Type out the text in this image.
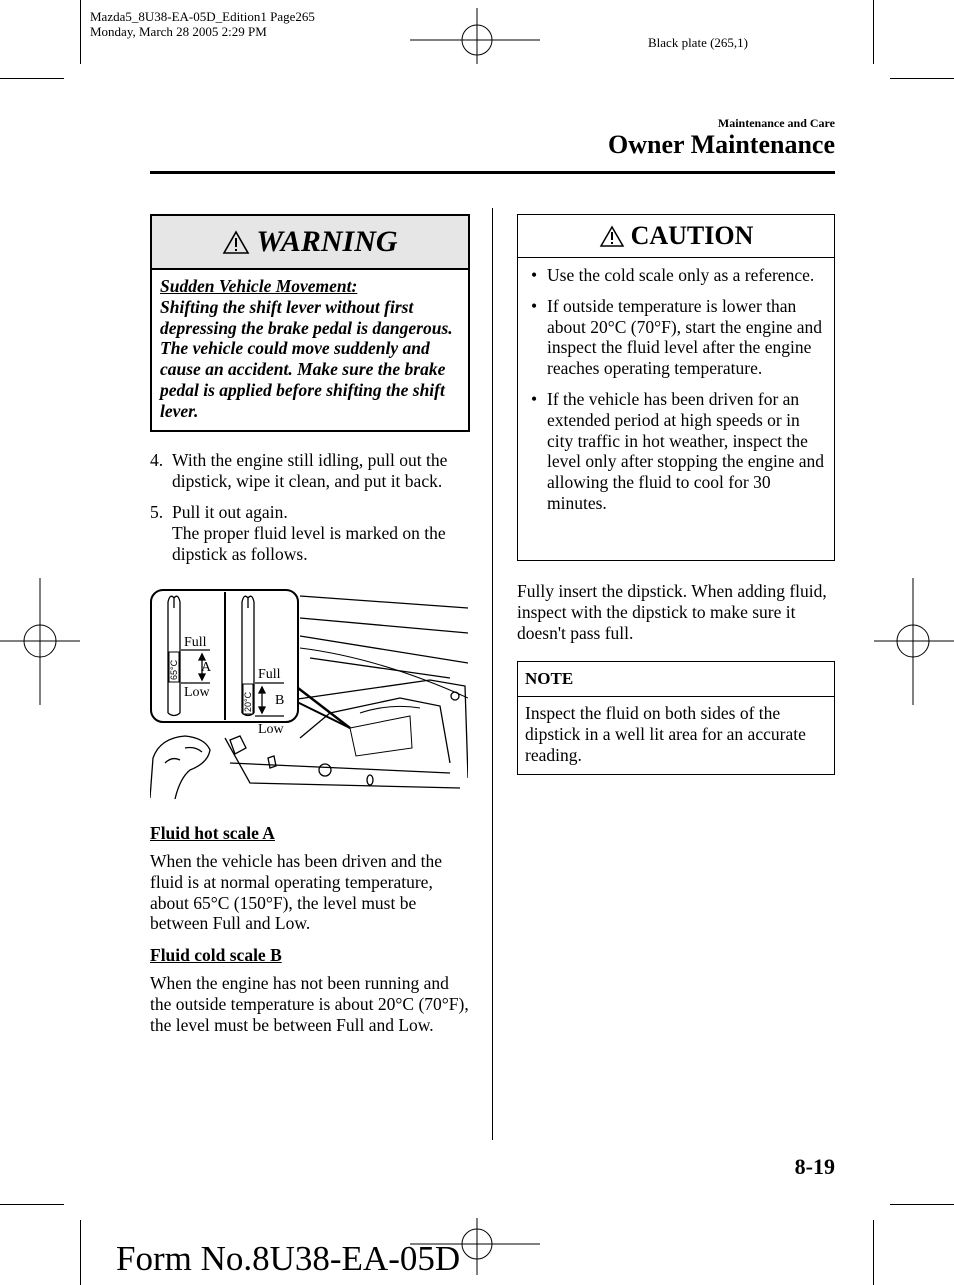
Mazda5_8U38-EA-05D_Edition1 Page265
Monday, March 28 2005 2:29 PM
Black plate (265,1)
Maintenance and Care
Owner Maintenance
WARNING
Sudden Vehicle Movement:
Shifting the shift lever without first depressing the brake pedal is dangerous. The vehicle could move suddenly and cause an accident. Make sure the brake pedal is applied before shifting the shift lever.
4. With the engine still idling, pull out the dipstick, wipe it clean, and put it back.
5. Pull it out again.
The proper fluid level is marked on the dipstick as follows.
Full
Low
A	Full
Low
B
65°C
20°C
Fluid hot scale A
When the vehicle has been driven and the fluid is at normal operating temperature, about 65°C (150°F), the level must be between Full and Low.
Fluid cold scale B
When the engine has not been running and the outside temperature is about 20°C (70°F), the level must be between Full and Low.
CAUTION
• Use the cold scale only as a reference.
• If outside temperature is lower than about 20°C (70°F), start the engine and inspect the fluid level after the engine reaches operating temperature.
• If the vehicle has been driven for an extended period at high speeds or in city traffic in hot weather, inspect the level only after stopping the engine and allowing the fluid to cool for 30 minutes.
Fully insert the dipstick. When adding fluid, inspect with the dipstick to make sure it doesn't pass full.
NOTE
Inspect the fluid on both sides of the dipstick in a well lit area for an accurate reading.
8-19
Form No.8U38-EA-05D
